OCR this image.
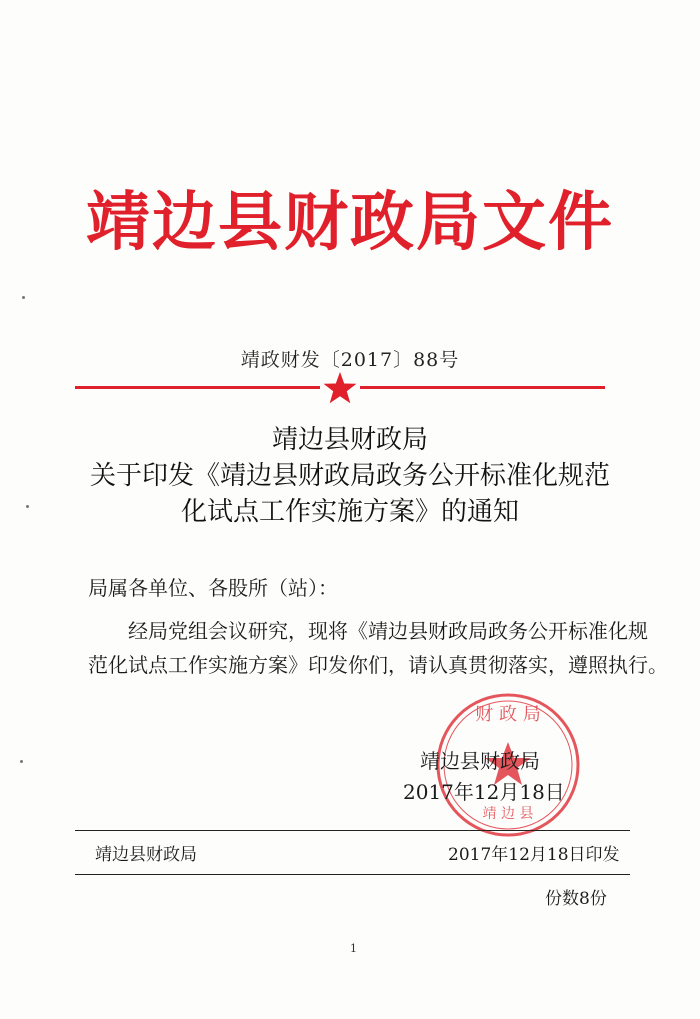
靖边县财政局文件
靖政财发〔2017〕88号
靖边县财政局
关于印发《靖边县财政局政务公开标准化规范
化试点工作实施方案》的通知
局属各单位、各股所（站）：
经局党组会议研究，现将《靖边县财政局政务公开标准化规
范化试点工作实施方案》印发你们，请认真贯彻落实，遵照执行。
财 政 局
靖 边 县
靖边县财政局
2017年12月18日
靖边县财政局	2017年12月18日印发
份数8份
1
